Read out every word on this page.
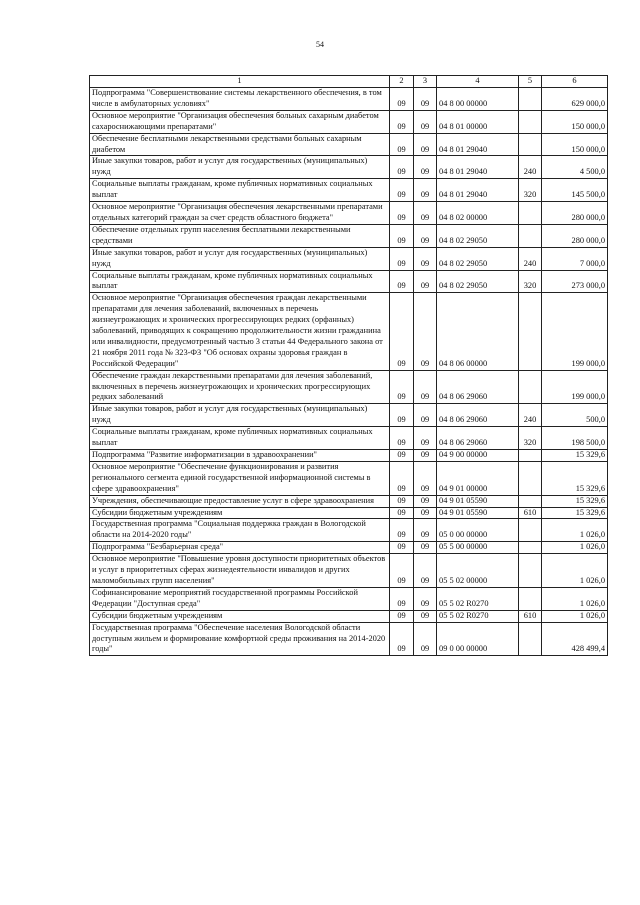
54
1	2	3	4	5	6
Подпрограмма "Совершенствование системы лекарственного обеспечения, в том числе в амбулаторных условиях"	09	09	04 8 00 00000		629 000,0
Основное мероприятие "Организация обеспечения больных сахарным диабетом сахароснижающими препаратами"	09	09	04 8 01 00000		150 000,0
Обеспечение бесплатными лекарственными средствами больных сахарным диабетом	09	09	04 8 01 29040		150 000,0
Иные закупки товаров, работ и услуг для государственных (муниципальных) нужд	09	09	04 8 01 29040	240	4 500,0
Социальные выплаты гражданам, кроме публичных нормативных социальных выплат	09	09	04 8 01 29040	320	145 500,0
Основное мероприятие "Организация обеспечения лекарственными препаратами отдельных категорий граждан за счет средств областного бюджета"	09	09	04 8 02 00000		280 000,0
Обеспечение отдельных групп населения бесплатными лекарственными средствами	09	09	04 8 02 29050		280 000,0
Иные закупки товаров, работ и услуг для государственных (муниципальных) нужд	09	09	04 8 02 29050	240	7 000,0
Социальные выплаты гражданам, кроме публичных нормативных социальных выплат	09	09	04 8 02 29050	320	273 000,0
Основное мероприятие "Организация обеспечения граждан лекарственными препаратами для лечения заболеваний, включенных в перечень жизнеугрожающих и хронических прогрессирующих редких (орфанных) заболеваний, приводящих к сокращению продолжительности жизни гражданина или инвалидности, предусмотренный частью 3 статьи 44 Федерального закона от 21 ноября 2011 года № 323-ФЗ "Об основах охраны здоровья граждан в Российской Федерации"	09	09	04 8 06 00000		199 000,0
Обеспечение граждан лекарственными препаратами для лечения заболеваний, включенных в перечень жизнеугрожающих и хронических прогрессирующих редких заболеваний	09	09	04 8 06 29060		199 000,0
Иные закупки товаров, работ и услуг для государственных (муниципальных) нужд	09	09	04 8 06 29060	240	500,0
Социальные выплаты гражданам, кроме публичных нормативных социальных выплат	09	09	04 8 06 29060	320	198 500,0
Подпрограмма "Развитие информатизации в здравоохранении"	09	09	04 9 00 00000		15 329,6
Основное мероприятие "Обеспечение функционирования и развития регионального сегмента единой государственной информационной системы в сфере здравоохранения"	09	09	04 9 01 00000		15 329,6
Учреждения, обеспечивающие предоставление услуг в сфере здравоохранения	09	09	04 9 01 05590		15 329,6
Субсидии бюджетным учреждениям	09	09	04 9 01 05590	610	15 329,6
Государственная программа "Социальная поддержка граждан в Вологодской области на 2014-2020 годы"	09	09	05 0 00 00000		1 026,0
Подпрограмма "Безбарьерная среда"	09	09	05 5 00 00000		1 026,0
Основное мероприятие "Повышение уровня доступности приоритетных объектов и услуг в приоритетных сферах жизнедеятельности инвалидов и других маломобильных групп населения"	09	09	05 5 02 00000		1 026,0
Софинансирование мероприятий государственной программы Российской Федерации "Доступная среда"	09	09	05 5 02 R0270		1 026,0
Субсидии бюджетным учреждениям	09	09	05 5 02 R0270	610	1 026,0
Государственная программа "Обеспечение населения Вологодской области доступным жильем и формирование комфортной среды проживания на 2014-2020 годы"	09	09	09 0 00 00000		428 499,4
